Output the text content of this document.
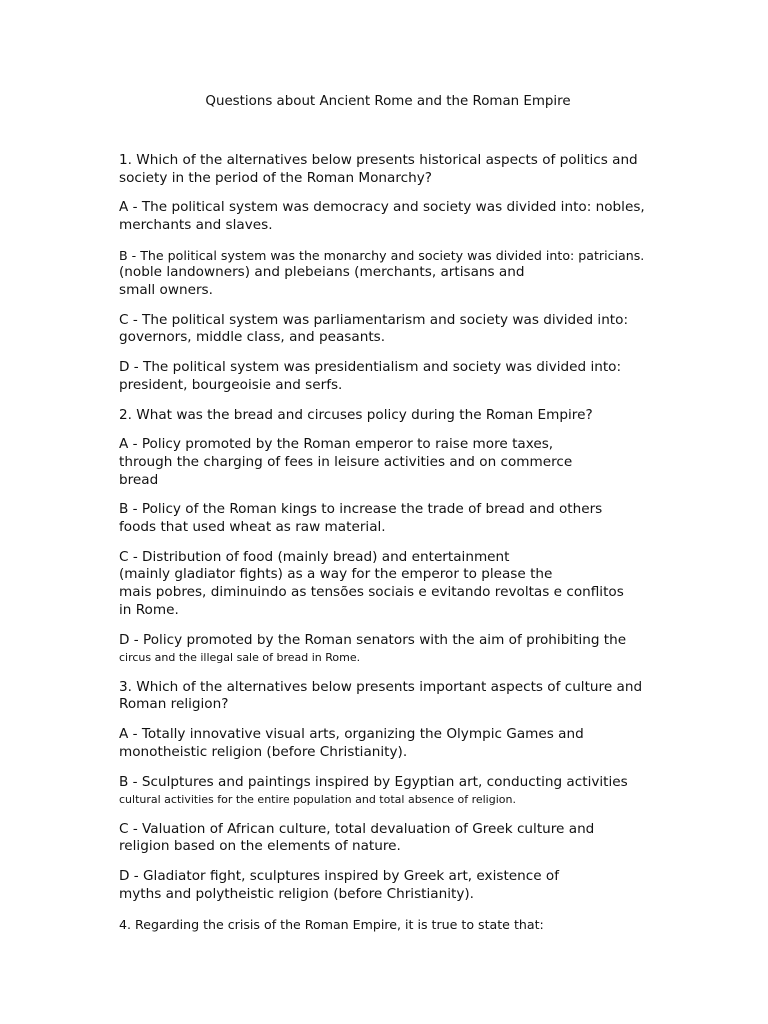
Questions about Ancient Rome and the Roman Empire
1. Which of the alternatives below presents historical aspects of politics and
society in the period of the Roman Monarchy?
A - The political system was democracy and society was divided into: nobles,
merchants and slaves.
B - The political system was the monarchy and society was divided into: patricians.
(noble landowners) and plebeians (merchants, artisans and
small owners.
C - The political system was parliamentarism and society was divided into:
governors, middle class, and peasants.
D - The political system was presidentialism and society was divided into:
president, bourgeoisie and serfs.
2. What was the bread and circuses policy during the Roman Empire?
A - Policy promoted by the Roman emperor to raise more taxes,
through the charging of fees in leisure activities and on commerce
bread
B - Policy of the Roman kings to increase the trade of bread and others
foods that used wheat as raw material.
C - Distribution of food (mainly bread) and entertainment
(mainly gladiator fights) as a way for the emperor to please the
mais pobres, diminuindo as tensões sociais e evitando revoltas e conflitos
in Rome.
D - Policy promoted by the Roman senators with the aim of prohibiting the
circus and the illegal sale of bread in Rome.
3. Which of the alternatives below presents important aspects of culture and
Roman religion?
A - Totally innovative visual arts, organizing the Olympic Games and
monotheistic religion (before Christianity).
B - Sculptures and paintings inspired by Egyptian art, conducting activities
cultural activities for the entire population and total absence of religion.
C - Valuation of African culture, total devaluation of Greek culture and
religion based on the elements of nature.
D - Gladiator fight, sculptures inspired by Greek art, existence of
myths and polytheistic religion (before Christianity).
4. Regarding the crisis of the Roman Empire, it is true to state that:
